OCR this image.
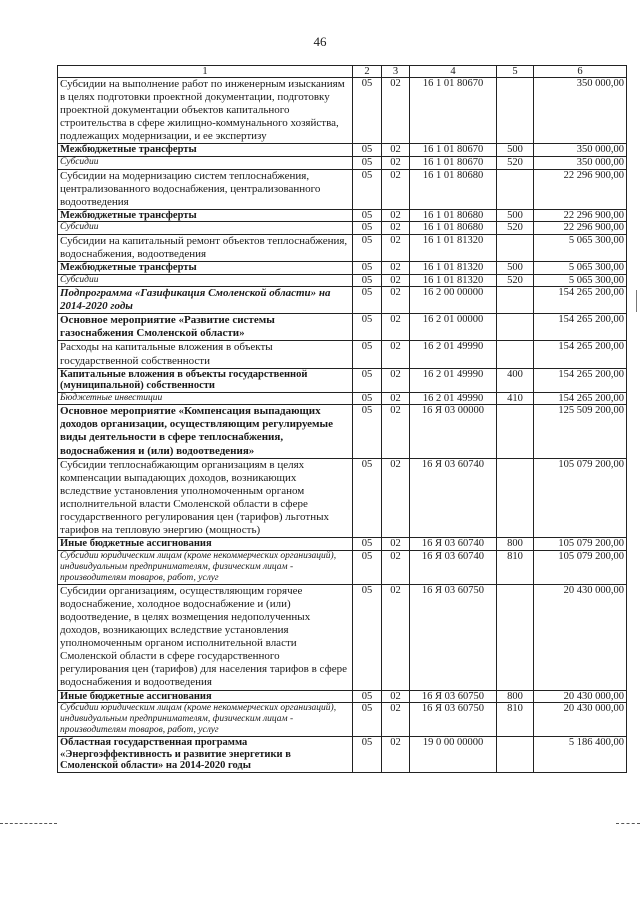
46
1	2	3	4	5	6
Субсидии на выполнение работ по инженерным изысканиям в целях подготовки проектной документации, подготовку проектной документации объектов капитального строительства в сфере жилищно-коммунального хозяйства, подлежащих модернизации, и ее экспертизу	05	02	16 1 01 80670		350 000,00
Межбюджетные трансферты	05	02	16 1 01 80670	500	350 000,00
Субсидии	05	02	16 1 01 80670	520	350 000,00
Субсидии на модернизацию систем теплоснабжения, централизованного водоснабжения, централизованного водоотведения	05	02	16 1 01 80680		22 296 900,00
Межбюджетные трансферты	05	02	16 1 01 80680	500	22 296 900,00
Субсидии	05	02	16 1 01 80680	520	22 296 900,00
Субсидии на капитальный ремонт объектов теплоснабжения, водоснабжения, водоотведения	05	02	16 1 01 81320		5 065 300,00
Межбюджетные трансферты	05	02	16 1 01 81320	500	5 065 300,00
Субсидии	05	02	16 1 01 81320	520	5 065 300,00
Подпрограмма «Газификация Смоленской области» на 2014-2020 годы	05	02	16 2 00 00000		154 265 200,00
Основное мероприятие «Развитие системы газоснабжения Смоленской области»	05	02	16 2 01 00000		154 265 200,00
Расходы на капитальные вложения в объекты государственной собственности	05	02	16 2 01 49990		154 265 200,00
Капитальные вложения в объекты государственной (муниципальной) собственности	05	02	16 2 01 49990	400	154 265 200,00
Бюджетные инвестиции	05	02	16 2 01 49990	410	154 265 200,00
Основное мероприятие «Компенсация выпадающих доходов организации, осуществляющим регулируемые виды деятельности в сфере теплоснабжения, водоснабжения и (или) водоотведения»	05	02	16 Я 03 00000		125 509 200,00
Субсидии теплоснабжающим организациям в целях компенсации выпадающих доходов, возникающих вследствие установления уполномоченным органом исполнительной власти Смоленской области в сфере государственного регулирования цен (тарифов) льготных тарифов на тепловую энергию (мощность)	05	02	16 Я 03 60740		105 079 200,00
Иные бюджетные ассигнования	05	02	16 Я 03 60740	800	105 079 200,00
Субсидии юридическим лицам (кроме некоммерческих организаций), индивидуальным предпринимателям, физическим лицам - производителям товаров, работ, услуг	05	02	16 Я 03 60740	810	105 079 200,00
Субсидии организациям, осуществляющим горячее водоснабжение, холодное водоснабжение и (или) водоотведение, в целях возмещения недополученных доходов, возникающих вследствие установления уполномоченным органом исполнительной власти Смоленской области в сфере государственного регулирования цен (тарифов) для населения тарифов в сфере водоснабжения и водоотведения	05	02	16 Я 03 60750		20 430 000,00
Иные бюджетные ассигнования	05	02	16 Я 03 60750	800	20 430 000,00
Субсидии юридическим лицам (кроме некоммерческих организаций), индивидуальным предпринимателям, физическим лицам - производителям товаров, работ, услуг	05	02	16 Я 03 60750	810	20 430 000,00
Областная государственная программа «Энергоэффективность и развитие энергетики в Смоленской области» на 2014-2020 годы	05	02	19 0 00 00000		5 186 400,00
